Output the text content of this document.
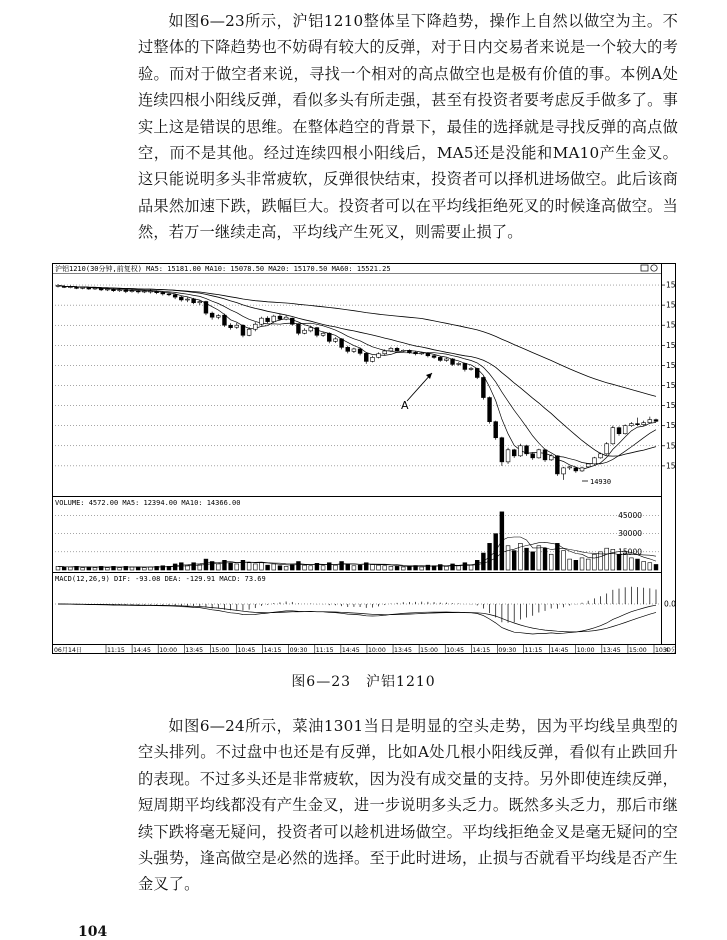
如图6—23所示，沪铝1210整体呈下降趋势，操作上自然以做空为主。不过整体的下降趋势也不妨碍有较大的反弹，对于日内交易者来说是一个较大的考验。而对于做空者来说，寻找一个相对的高点做空也是极有价值的事。本例A处连续四根小阳线反弹，看似多头有所走强，甚至有投资者要考虑反手做多了。事实上这是错误的思维。在整体趋空的背景下，最佳的选择就是寻找反弹的高点做空，而不是其他。经过连续四根小阳线后，MA5还是没能和MA10产生金叉。这只能说明多头非常疲软，反弹很快结束，投资者可以择机进场做空。此后该商品果然加速下跌，跌幅巨大。投资者可以在平均线拒绝死叉的时候逢高做空。当然，若万一继续走高，平均线产生死叉，则需要止损了。
沪铝1210(30分钟,前复权) MA5: 15181.00 MA10: 15078.50 MA20: 15170.50 MA60: 15521.25
VOLUME: 4572.00 MA5: 12394.00 MA10: 14366.00
MACD(12,26,9) DIF: -93.08 DEA: -129.91 MACD: 73.69
15
15
15
15
15
15
15
15
15
15
45000
30000
15000
0.0
11:15 14:45 10:00 13:45 15:00 10:45 14:15 09:30 11:15 14:45 10:00 13:45 15:00 10:45 14:15 09:30 11:15 14:45 10:00 13:45 15:00 10:4
A
14930
06月14日	30分
图6—23　沪铝1210
如图6—24所示，菜油1301当日是明显的空头走势，因为平均线呈典型的空头排列。不过盘中也还是有反弹，比如A处几根小阳线反弹，看似有止跌回升的表现。不过多头还是非常疲软，因为没有成交量的支持。另外即使连续反弹，短周期平均线都没有产生金叉，进一步说明多头乏力。既然多头乏力，那后市继续下跌将毫无疑问，投资者可以趁机进场做空。平均线拒绝金叉是毫无疑问的空头强势，逢高做空是必然的选择。至于此时进场，止损与否就看平均线是否产生金叉了。
104
